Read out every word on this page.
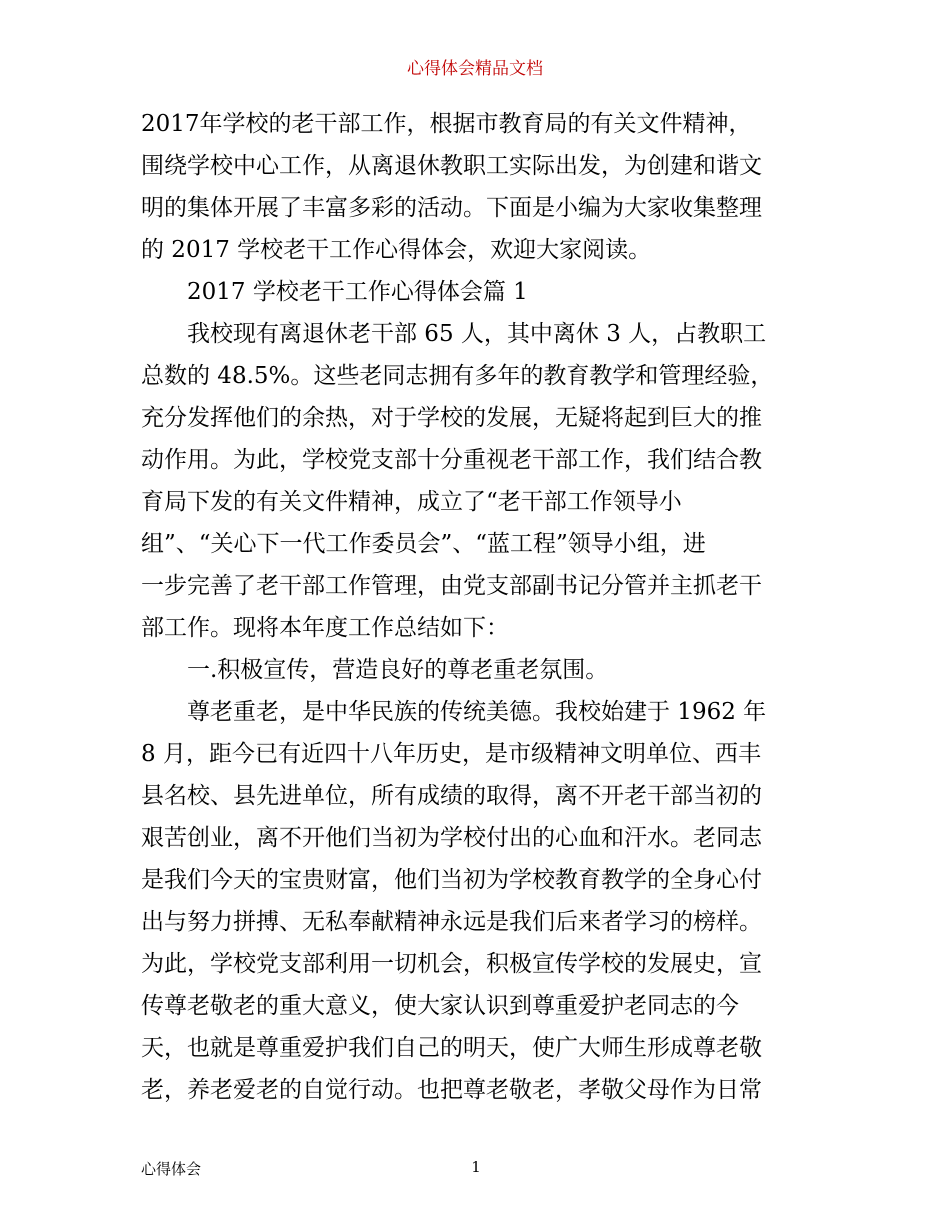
心得体会精品文档
2017年学校的老干部工作，根据市教育局的有关文件精神，
围绕学校中心工作，从离退休教职工实际出发，为创建和谐文
明的集体开展了丰富多彩的活动。下面是小编为大家收集整理
的 2017 学校老干工作心得体会，欢迎大家阅读。
2017 学校老干工作心得体会篇 1
我校现有离退休老干部 65 人，其中离休 3 人，占教职工
总数的 48.5%。这些老同志拥有多年的教育教学和管理经验，
充分发挥他们的余热，对于学校的发展，无疑将起到巨大的推
动作用。为此，学校党支部十分重视老干部工作，我们结合教
育局下发的有关文件精神，成立了“老干部工作领导小
组”、“关心下一代工作委员会”、“蓝工程”领导小组，进
一步完善了老干部工作管理，由党支部副书记分管并主抓老干
部工作。现将本年度工作总结如下：
一.积极宣传，营造良好的尊老重老氛围。
尊老重老，是中华民族的传统美德。我校始建于 1962 年
8 月，距今已有近四十八年历史，是市级精神文明单位、西丰
县名校、县先进单位，所有成绩的取得，离不开老干部当初的
艰苦创业，离不开他们当初为学校付出的心血和汗水。老同志
是我们今天的宝贵财富，他们当初为学校教育教学的全身心付
出与努力拼搏、无私奉献精神永远是我们后来者学习的榜样。
为此，学校党支部利用一切机会，积极宣传学校的发展史，宣
传尊老敬老的重大意义，使大家认识到尊重爱护老同志的今
天，也就是尊重爱护我们自己的明天，使广大师生形成尊老敬
老，养老爱老的自觉行动。也把尊老敬老，孝敬父母作为日常
心得体会	1
